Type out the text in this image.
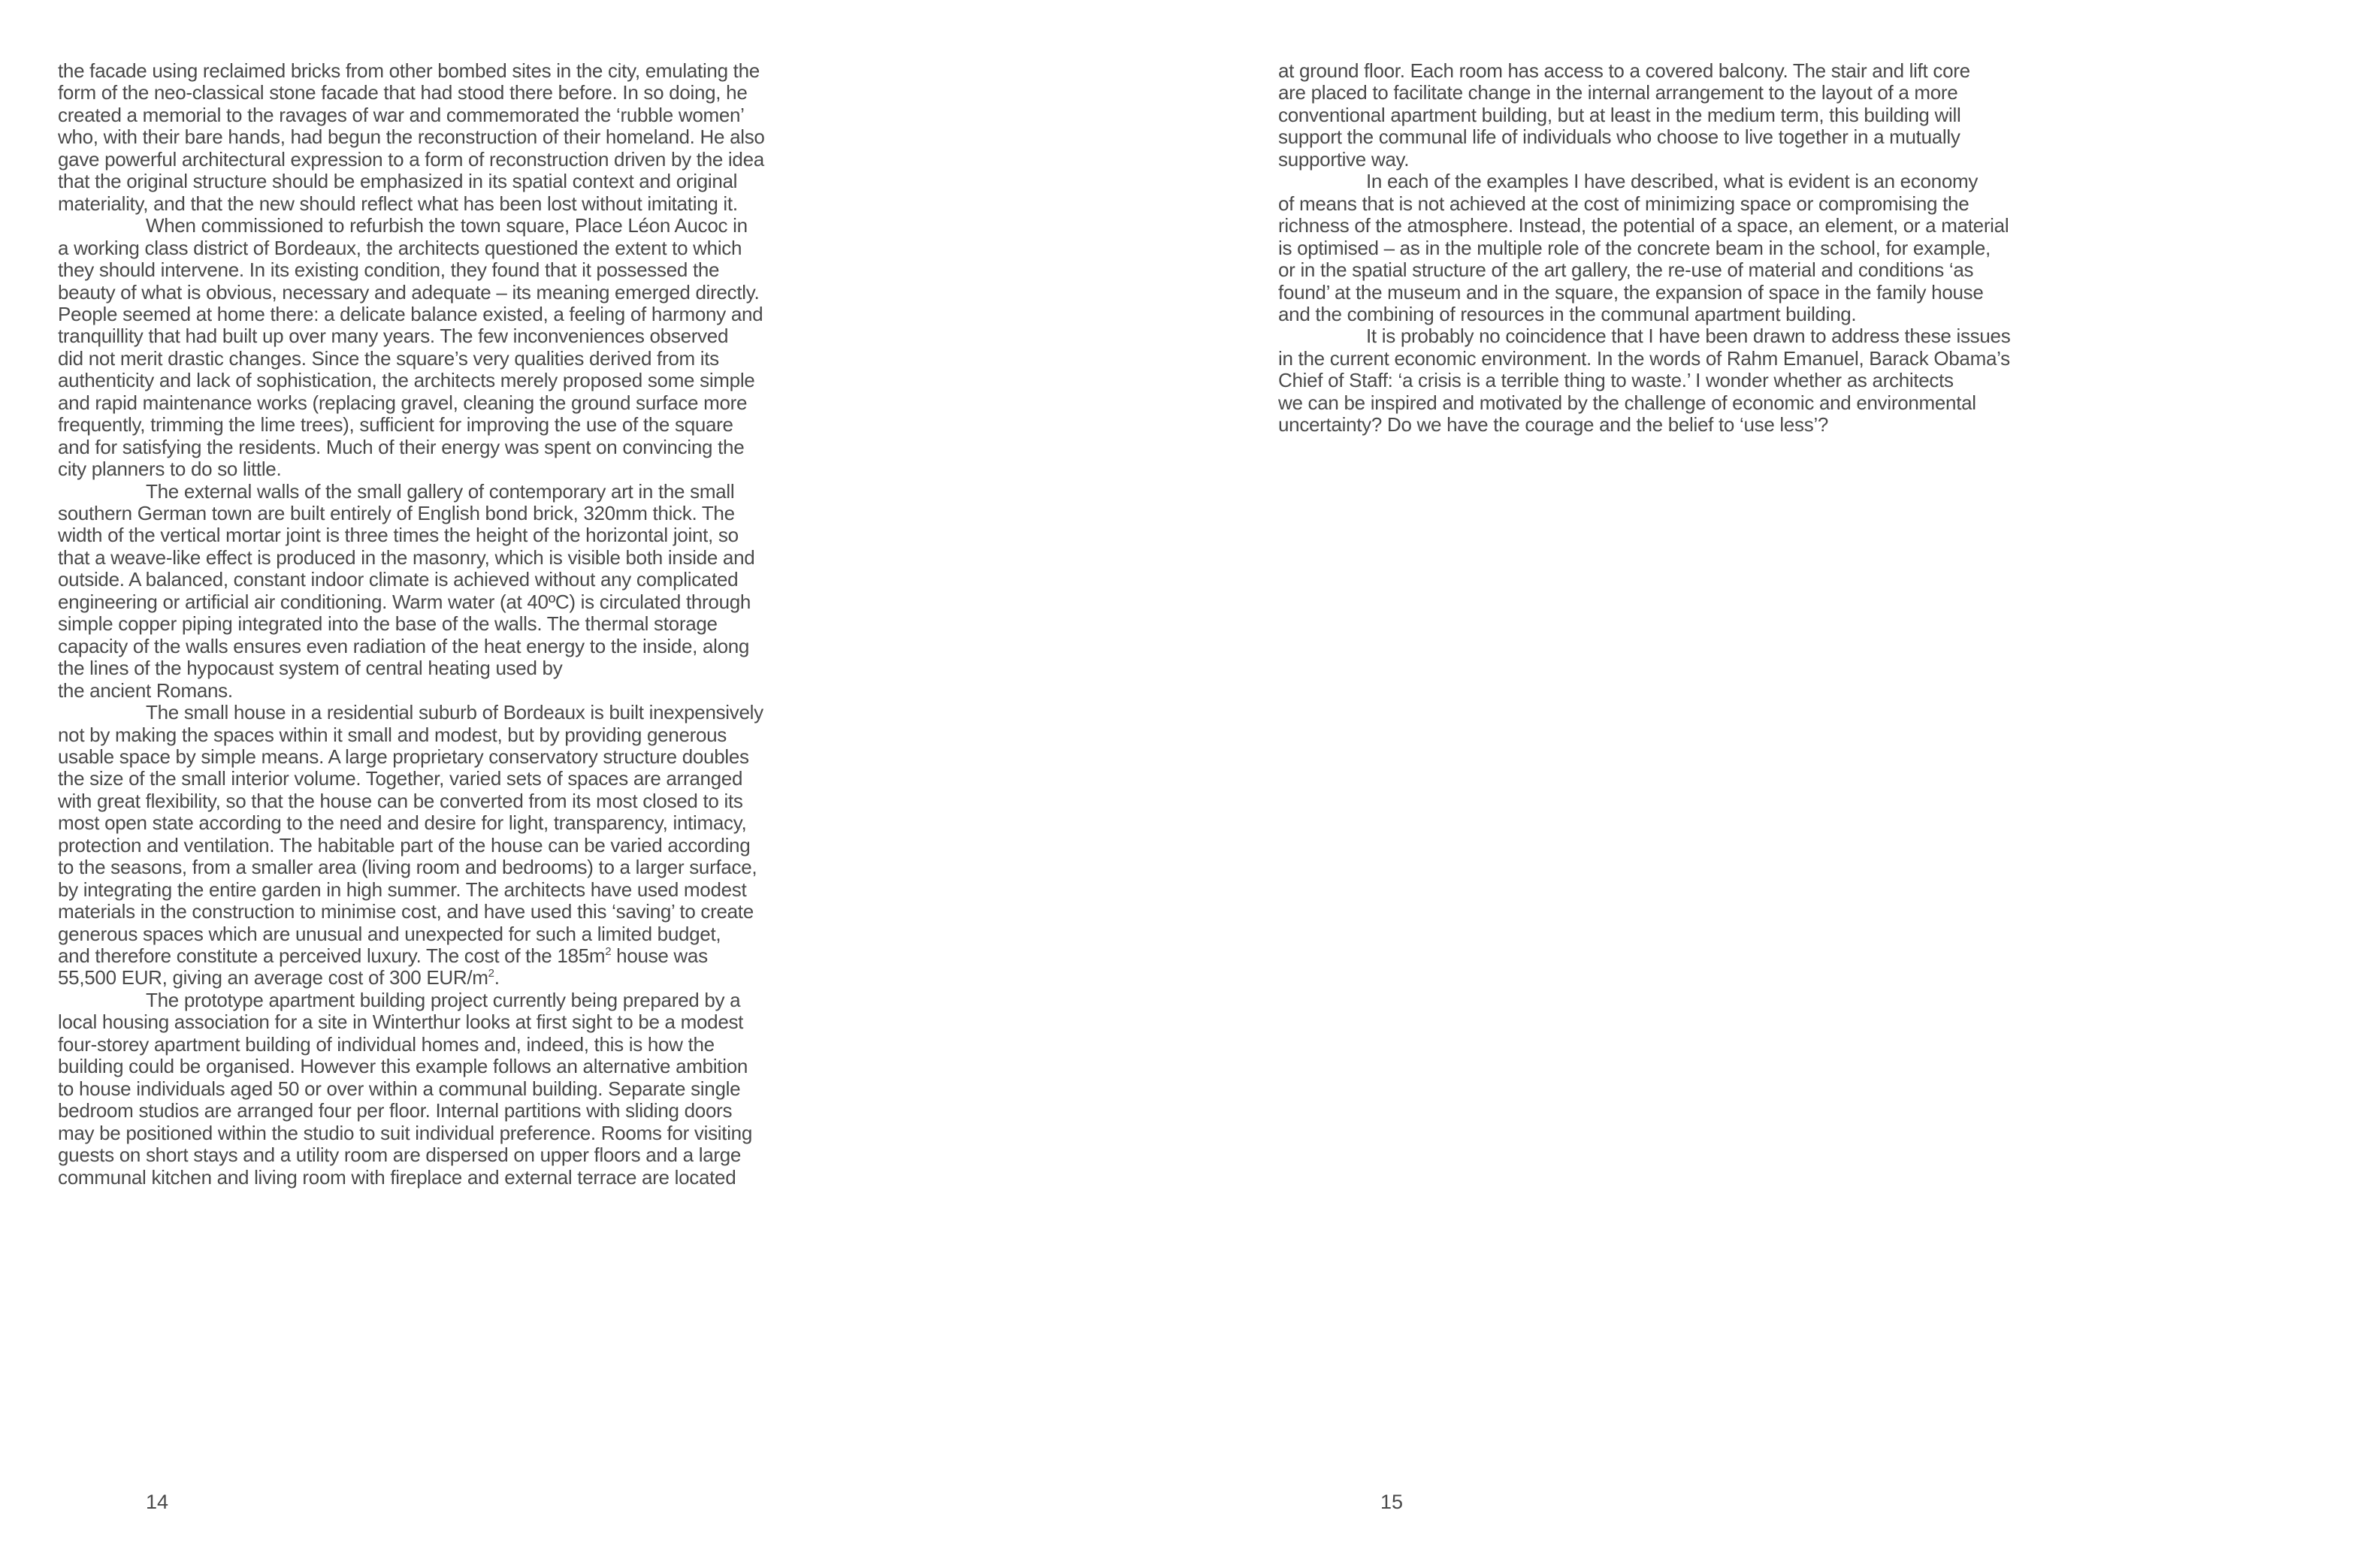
the facade using reclaimed bricks from other bombed sites in the city, emulating the
form of the neo-classical stone facade that had stood there before. In so doing, he
created a memorial to the ravages of war and commemorated the ‘rubble women’
who, with their bare hands, had begun the reconstruction of their homeland. He also
gave powerful architectural expression to a form of reconstruction driven by the idea
that the original structure should be emphasized in its spatial context and original
materiality, and that the new should reflect what has been lost without imitating it.
When commissioned to refurbish the town square, Place Léon Aucoc in
a working class district of Bordeaux, the architects questioned the extent to which
they should intervene. In its existing condition, they found that it possessed the
beauty of what is obvious, necessary and adequate – its meaning emerged directly.
People seemed at home there: a delicate balance existed, a feeling of harmony and
tranquillity that had built up over many years. The few inconveniences observed
did not merit drastic changes. Since the square’s very qualities derived from its
authenticity and lack of sophistication, the architects merely proposed some simple
and rapid maintenance works (replacing gravel, cleaning the ground surface more
frequently, trimming the lime trees), sufficient for improving the use of the square
and for satisfying the residents. Much of their energy was spent on convincing the
city planners to do so little.
The external walls of the small gallery of contemporary art in the small
southern German town are built entirely of English bond brick, 320mm thick. The
width of the vertical mortar joint is three times the height of the horizontal joint, so
that a weave-like effect is produced in the masonry, which is visible both inside and
outside. A balanced, constant indoor climate is achieved without any complicated
engineering or artificial air conditioning. Warm water (at 40ºC) is circulated through
simple copper piping integrated into the base of the walls. The thermal storage
capacity of the walls ensures even radiation of the heat energy to the inside, along
the lines of the hypocaust system of central heating used by
the ancient Romans.
The small house in a residential suburb of Bordeaux is built inexpensively
not by making the spaces within it small and modest, but by providing generous
usable space by simple means. A large proprietary conservatory structure doubles
the size of the small interior volume. Together, varied sets of spaces are arranged
with great flexibility, so that the house can be converted from its most closed to its
most open state according to the need and desire for light, transparency, intimacy,
protection and ventilation. The habitable part of the house can be varied according
to the seasons, from a smaller area (living room and bedrooms) to a larger surface,
by integrating the entire garden in high summer. The architects have used modest
materials in the construction to minimise cost, and have used this ‘saving’ to create
generous spaces which are unusual and unexpected for such a limited budget,
and therefore constitute a perceived luxury. The cost of the $185m^2$ house was
55,500 EUR, giving an average cost of 300 EUR/$m^2$.
The prototype apartment building project currently being prepared by a
local housing association for a site in Winterthur looks at first sight to be a modest
four-storey apartment building of individual homes and, indeed, this is how the
building could be organised. However this example follows an alternative ambition
to house individuals aged 50 or over within a communal building. Separate single
bedroom studios are arranged four per floor. Internal partitions with sliding doors
may be positioned within the studio to suit individual preference. Rooms for visiting
guests on short stays and a utility room are dispersed on upper floors and a large
communal kitchen and living room with fireplace and external terrace are located
14
at ground floor. Each room has access to a covered balcony. The stair and lift core
are placed to facilitate change in the internal arrangement to the layout of a more
conventional apartment building, but at least in the medium term, this building will
support the communal life of individuals who choose to live together in a mutually
supportive way.
In each of the examples I have described, what is evident is an economy
of means that is not achieved at the cost of minimizing space or compromising the
richness of the atmosphere. Instead, the potential of a space, an element, or a material
is optimised – as in the multiple role of the concrete beam in the school, for example,
or in the spatial structure of the art gallery, the re-use of material and conditions ‘as
found’ at the museum and in the square, the expansion of space in the family house
and the combining of resources in the communal apartment building.
It is probably no coincidence that I have been drawn to address these issues
in the current economic environment. In the words of Rahm Emanuel, Barack Obama’s
Chief of Staff: ‘a crisis is a terrible thing to waste.’ I wonder whether as architects
we can be inspired and motivated by the challenge of economic and environmental
uncertainty? Do we have the courage and the belief to ‘use less’?
15
